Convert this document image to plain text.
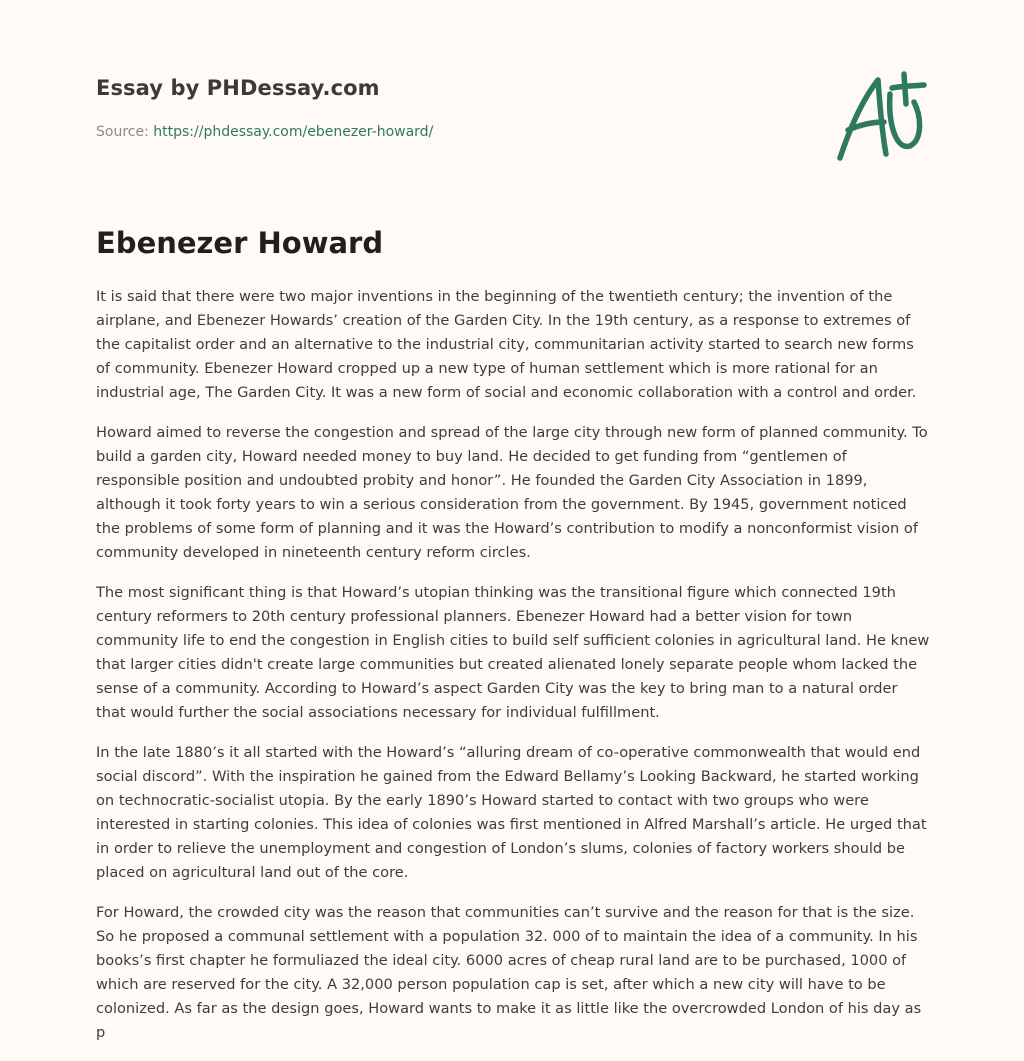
Essay by PHDessay.com
Source: https://phdessay.com/ebenezer-howard/
Ebenezer Howard

It is said that there were two major inventions in the beginning of the twentieth century; the invention of the airplane, and Ebenezer Howards’ creation of the Garden City. In the 19th century, as a response to extremes of the capitalist order and an alternative to the industrial city, communitarian activity started to search new forms of community. Ebenezer Howard cropped up a new type of human settlement which is more rational for an industrial age, The Garden City. It was a new form of social and economic collaboration with a control and order.

Howard aimed to reverse the congestion and spread of the large city through new form of planned community. To build a garden city, Howard needed money to buy land. He decided to get funding from “gentlemen of responsible position and undoubted probity and honor”. He founded the Garden City Association in 1899, although it took forty years to win a serious consideration from the government. By 1945, government noticed the problems of some form of planning and it was the Howard’s contribution to modify a nonconformist vision of community developed in nineteenth century reform circles.

The most significant thing is that Howard’s utopian thinking was the transitional figure which connected 19th century reformers to 20th century professional planners. Ebenezer Howard had a better vision for town community life to end the congestion in English cities to build self sufficient colonies in agricultural land. He knew that larger cities didn't create large communities but created alienated lonely separate people whom lacked the sense of a community. According to Howard’s aspect Garden City was the key to bring man to a natural order that would further the social associations necessary for individual fulfillment.

In the late 1880’s it all started with the Howard’s “alluring dream of co-operative commonwealth that would end social discord”. With the inspiration he gained from the Edward Bellamy’s Looking Backward, he started working on technocratic-socialist utopia. By the early 1890’s Howard started to contact with two groups who were interested in starting colonies. This idea of colonies was first mentioned in Alfred Marshall’s article. He urged that in order to relieve the unemployment and congestion of London’s slums, colonies of factory workers should be placed on agricultural land out of the core.

For Howard, the crowded city was the reason that communities can’t survive and the reason for that is the size. So he proposed a communal settlement with a population 32. 000 of to maintain the idea of a community. In his books’s first chapter he formuliazed the ideal city. 6000 acres of cheap rural land are to be purchased, 1000 of which are reserved for the city. A 32,000 person population cap is set, after which a new city will have to be colonized. As far as the design goes, Howard wants to make it as little like the overcrowded London of his day as p
